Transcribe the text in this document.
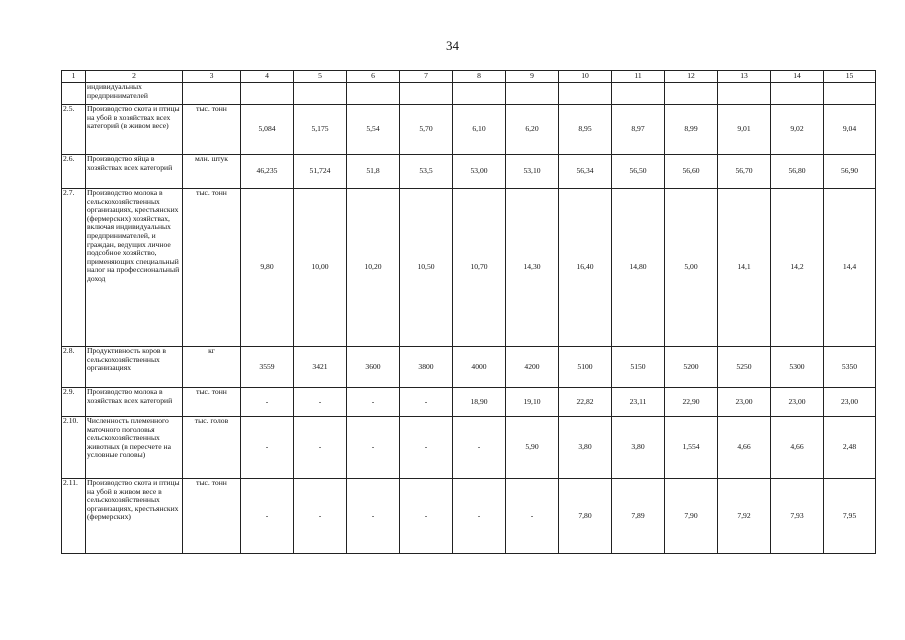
34
1	2	3	4	5	6	7	8	9	10	11	12	13	14	15
	индивидуальных предпринимателей													
2.5.	Производство скота и птицы на убой в хозяйствах всех категорий (в живом весе)	тыс. тонн	5,084	5,175	5,54	5,70	6,10	6,20	8,95	8,97	8,99	9,01	9,02	9,04
2.6.	Производство яйца в хозяйствах всех категорий	млн. штук	46,235	51,724	51,8	53,5	53,00	53,10	56,34	56,50	56,60	56,70	56,80	56,90
2.7.	Производство молока в сельскохозяйственных организациях, крестьянских (фермерских) хозяйствах, включая индивидуальных предпринимателей, и граждан, ведущих личное подсобное хозяйство, применяющих специальный налог на профессиональный доход	тыс. тонн	9,80	10,00	10,20	10,50	10,70	14,30	16,40	14,80	5,00	14,1	14,2	14,4
2.8.	Продуктивность коров в сельскохозяйственных организациях	кг	3559	3421	3600	3800	4000	4200	5100	5150	5200	5250	5300	5350
2.9.	Производство молока в хозяйствах всех категорий	тыс. тонн	-	-	-	-	18,90	19,10	22,82	23,11	22,90	23,00	23,00	23,00
2.10.	Численность племенного маточного поголовья сельскохозяйственных животных (в пересчете на условные головы)	тыс. голов	-	-	-	-	-	5,90	3,80	3,80	1,554	4,66	4,66	2,48
2.11.	Производство скота и птицы на убой в живом весе в сельскохозяйственных организациях, крестьянских (фермерских)	тыс. тонн	-	-	-	-	-	-	7,80	7,89	7,90	7,92	7,93	7,95
